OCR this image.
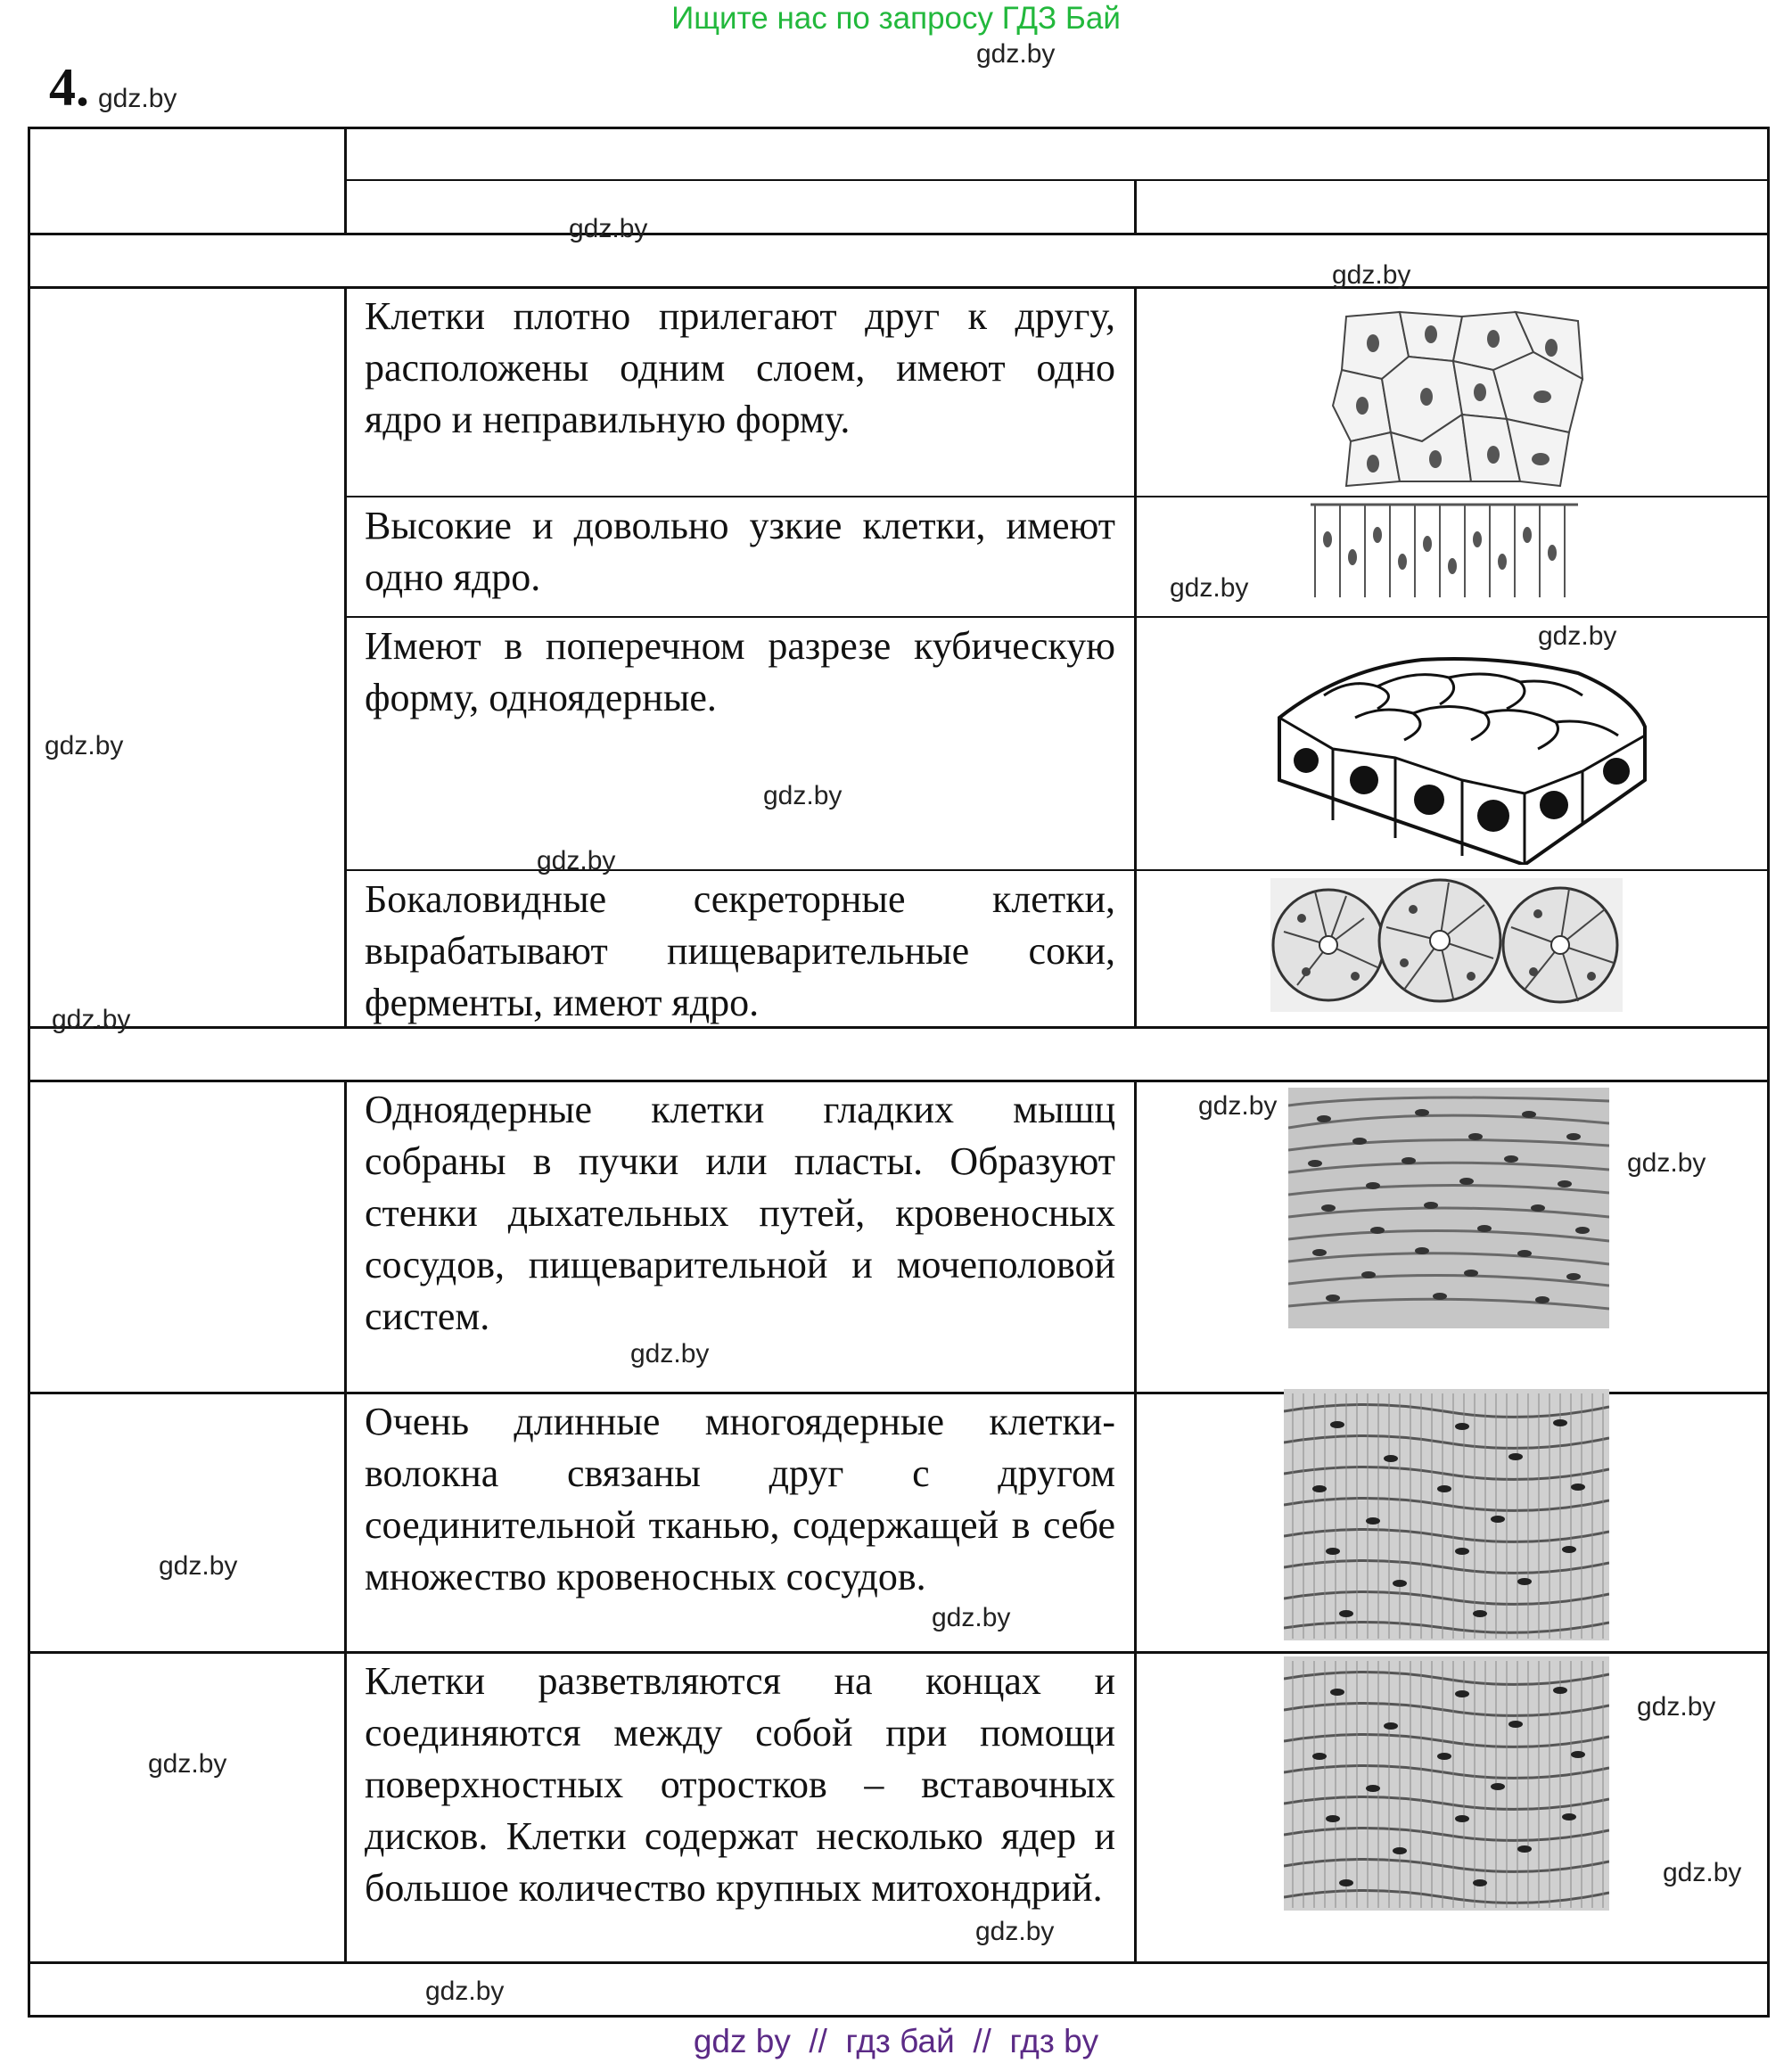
Ищите нас по запросу ГДЗ Бай
4.
Клетки плотно прилегают друг к другу, расположены одним слоем, имеют одно ядро и неправильную форму.
Высокие и довольно узкие клетки, имеют одно ядро.
Имеют в поперечном разрезе кубическую форму, одноядерные.
Бокаловидные секреторные клетки, вырабатывают пищеварительные соки, ферменты, имеют ядро.
Одноядерные клетки гладких мышц собраны в пучки или пласты. Образуют стенки дыхательных путей, кровеносных сосудов, пищеварительной и мочеполовой систем.
Очень длинные многоядерные клетки-волокна связаны друг с другом соединительной тканью, содержащей в себе множество кровеносных сосудов.
Клетки разветвляются на концах и соединяются между собой при помощи поверхностных отростков – вставочных дисков. Клетки содержат несколько ядер и большое количество крупных митохондрий.
gdz.by
gdz.by
gdz.by
gdz.by
gdz.by
gdz.by
gdz.by
gdz.by
gdz.by
gdz.by
gdz.by
gdz.by
gdz.by
gdz.by
gdz.by
gdz.by
gdz.by
gdz.by
gdz.by
gdz.by
gdz by  //  гдз бай  //  гдз by
